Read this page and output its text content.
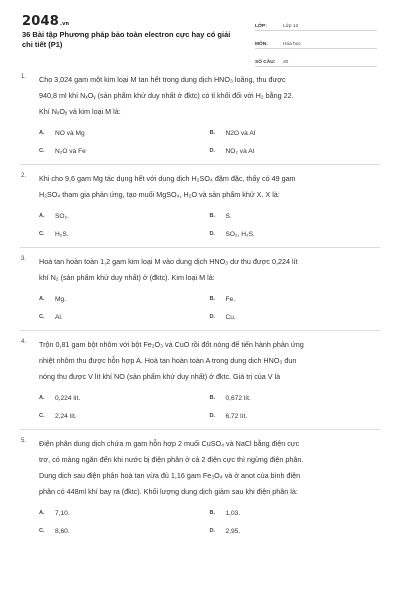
2048.vn
36 Bài tập Phương pháp bảo toàn electron cực hay có giải chi tiết (P1)
LỚP:	Lớp 12
MÔN:	Hóa học
SỐ CÂU:	20
1. Cho 3,024 gam một kim loại M tan hết trong dung dịch HNO₃ loãng, thu được
940,8 ml khí NₓOᵧ (sản phẩm khử duy nhất ở đktc) có tỉ khối đối với H₂ bằng 22.
Khí NₓOᵧ và kim loại M là:
A.	NO và Mg	B.	N2O và Al
C.	N₂O và Fe	D.	NO₂ và Al
2. Khi cho 9,6 gam Mg tác dụng hết với dung dịch H₂SO₄ đậm đặc, thấy có 49 gam
H₂SO₄ tham gia phản ứng, tạo muối MgSO₄, H₂O và sản phẩm khử X. X là:
A.	SO₂.	B.	S.
C.	H₂S.	D.	SO₂, H₂S.
3. Hoà tan hoàn toàn 1,2 gam kim loại M vào dung dịch HNO₃ dư thu được 0,224 lít
khí N₂ (sản phẩm khử duy nhất) ở (đktc). Kim loại M là:
A.	Mg.	B.	Fe.
C.	Al.	D.	Cu.
4. Trộn 0,81 gam bột nhôm với bột Fe₂O₃ và CuO rồi đốt nóng để tiến hành phản ứng
nhiệt nhôm thu được hỗn hợp A. Hoà tan hoàn toàn A trong dung dịch HNO₃ đun
nóng thu được V lít khí NO (sản phẩm khử duy nhất) ở đktc. Giá trị của V là
A.	0,224 lít.	B.	0,672 lít.
C.	2,24 lít.	D.	6,72 lít.
5. Điện phân dung dịch chứa m gam hỗn hợp 2 muối CuSO₄ và NaCl bằng điện cực
trơ, có màng ngăn đến khi nước bị điện phân ở cả 2 điện cực thì ngừng điện phân.
Dung dịch sau điện phân hoà tan vừa đủ 1,16 gam Fe₃O₄ và ở anot của bình điện
phân có 448ml khí bay ra (đktc). Khối lượng dung dịch giảm sau khi điện phân là:
A.	7,10.	B.	1,03.
C.	8,60.	D.	2,95.
